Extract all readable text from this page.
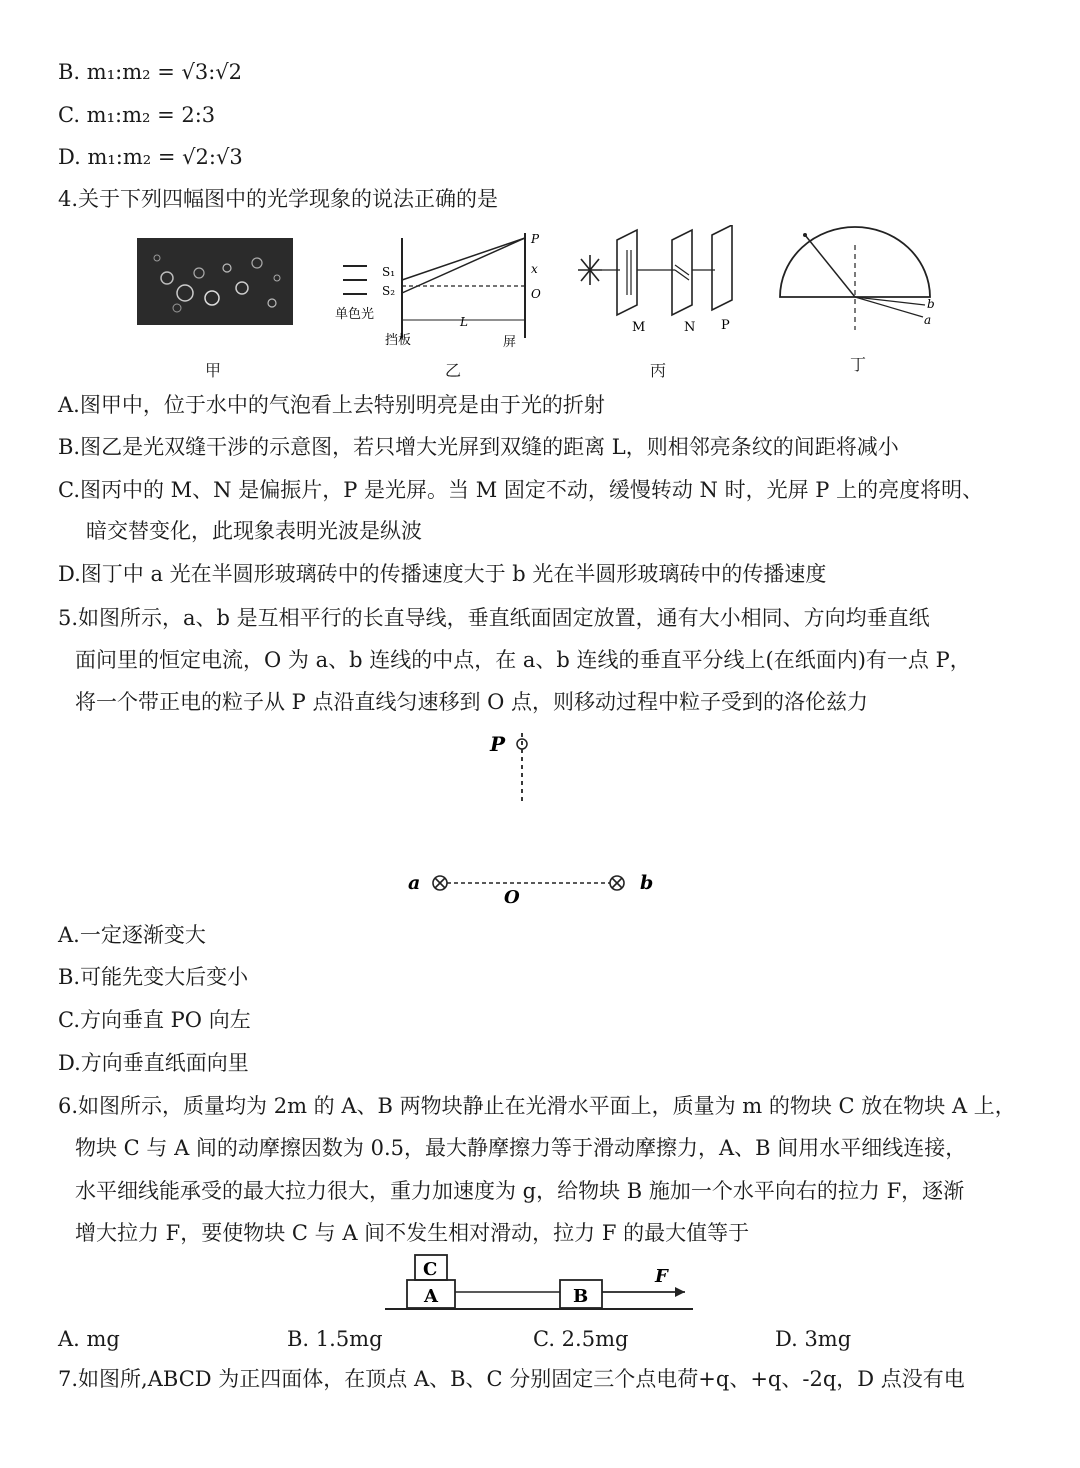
B. m₁:m₂ = √3:√2
C. m₁:m₂ = 2:3
D. m₁:m₂ = √2:√3
4.关于下列四幅图中的光学现象的说法正确的是
甲
S₁
S₂
P
x
O
L
单色光
挡板	屏
乙
M	N P
丙
b
a
丁
A.图甲中，位于水中的气泡看上去特别明亮是由于光的折射
B.图乙是光双缝干涉的示意图，若只增大光屏到双缝的距离 L，则相邻亮条纹的间距将减小
C.图丙中的 M、N 是偏振片，P 是光屏。当 M 固定不动，缓慢转动 N 时，光屏 P 上的亮度将明、
暗交替变化，此现象表明光波是纵波
D.图丁中 a 光在半圆形玻璃砖中的传播速度大于 b 光在半圆形玻璃砖中的传播速度
5.如图所示，a、b 是互相平行的长直导线，垂直纸面固定放置，通有大小相同、方向均垂直纸
面问里的恒定电流，O 为 a、b 连线的中点，在 a、b 连线的垂直平分线上(在纸面内)有一点 P，
将一个带正电的粒子从 P 点沿直线匀速移到 O 点，则移动过程中粒子受到的洛伦兹力
P
a	b
O
A.一定逐渐变大
B.可能先变大后变小
C.方向垂直 PO 向左
D.方向垂直纸面向里
6.如图所示，质量均为 2m 的 A、B 两物块静止在光滑水平面上，质量为 m 的物块 C 放在物块 A 上，
物块 C 与 A 间的动摩擦因数为 0.5，最大静摩擦力等于滑动摩擦力，A、B 间用水平细线连接，
水平细线能承受的最大拉力很大，重力加速度为 g，给物块 B 施加一个水平向右的拉力 F，逐渐
增大拉力 F，要使物块 C 与 A 间不发生相对滑动，拉力 F 的最大值等于
C
A	B
F
A. mg	B. 1.5mg	C. 2.5mg	D. 3mg
7.如图所,ABCD 为正四面体，在顶点 A、B、C 分别固定三个点电荷+q、+q、-2q，D 点没有电
